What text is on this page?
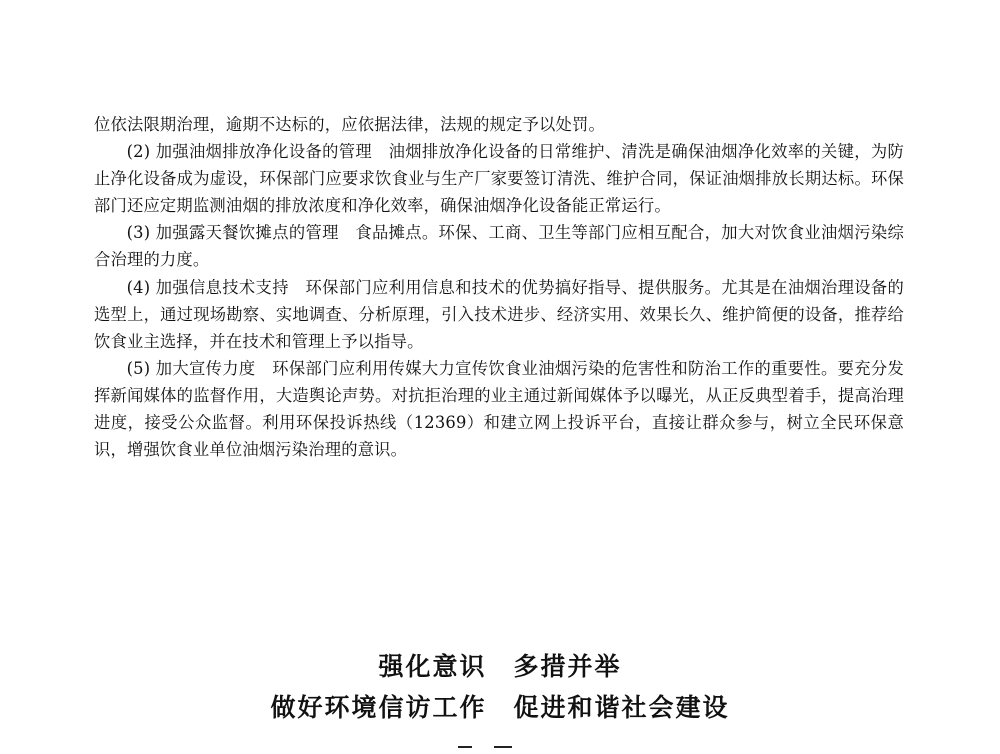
位依法限期治理，逾期不达标的，应依据法律，法规的规定予以处罚。

(2) 加强油烟排放净化设备的管理　油烟排放净化设备的日常维护、清洗是确保油烟净化效率的关键，为防止净化设备成为虚设，环保部门应要求饮食业与生产厂家要签订清洗、维护合同，保证油烟排放长期达标。环保部门还应定期监测油烟的排放浓度和净化效率，确保油烟净化设备能正常运行。

(3) 加强露天餐饮摊点的管理　食品摊点。环保、工商、卫生等部门应相互配合，加大对饮食业油烟污染综合治理的力度。

(4) 加强信息技术支持　环保部门应利用信息和技术的优势搞好指导、提供服务。尤其是在油烟治理设备的选型上，通过现场勘察、实地调查、分析原理，引入技术进步、经济实用、效果长久、维护简便的设备，推荐给饮食业主选择，并在技术和管理上予以指导。

(5) 加大宣传力度　环保部门应利用传媒大力宣传饮食业油烟污染的危害性和防治工作的重要性。要充分发挥新闻媒体的监督作用，大造舆论声势。对抗拒治理的业主通过新闻媒体予以曝光，从正反典型着手，提高治理进度，接受公众监督。利用环保投诉热线（12369）和建立网上投诉平台，直接让群众参与，树立全民环保意识，增强饮食业单位油烟污染治理的意识。

强化意识　多措并举
做好环境信访工作　促进和谐社会建设
